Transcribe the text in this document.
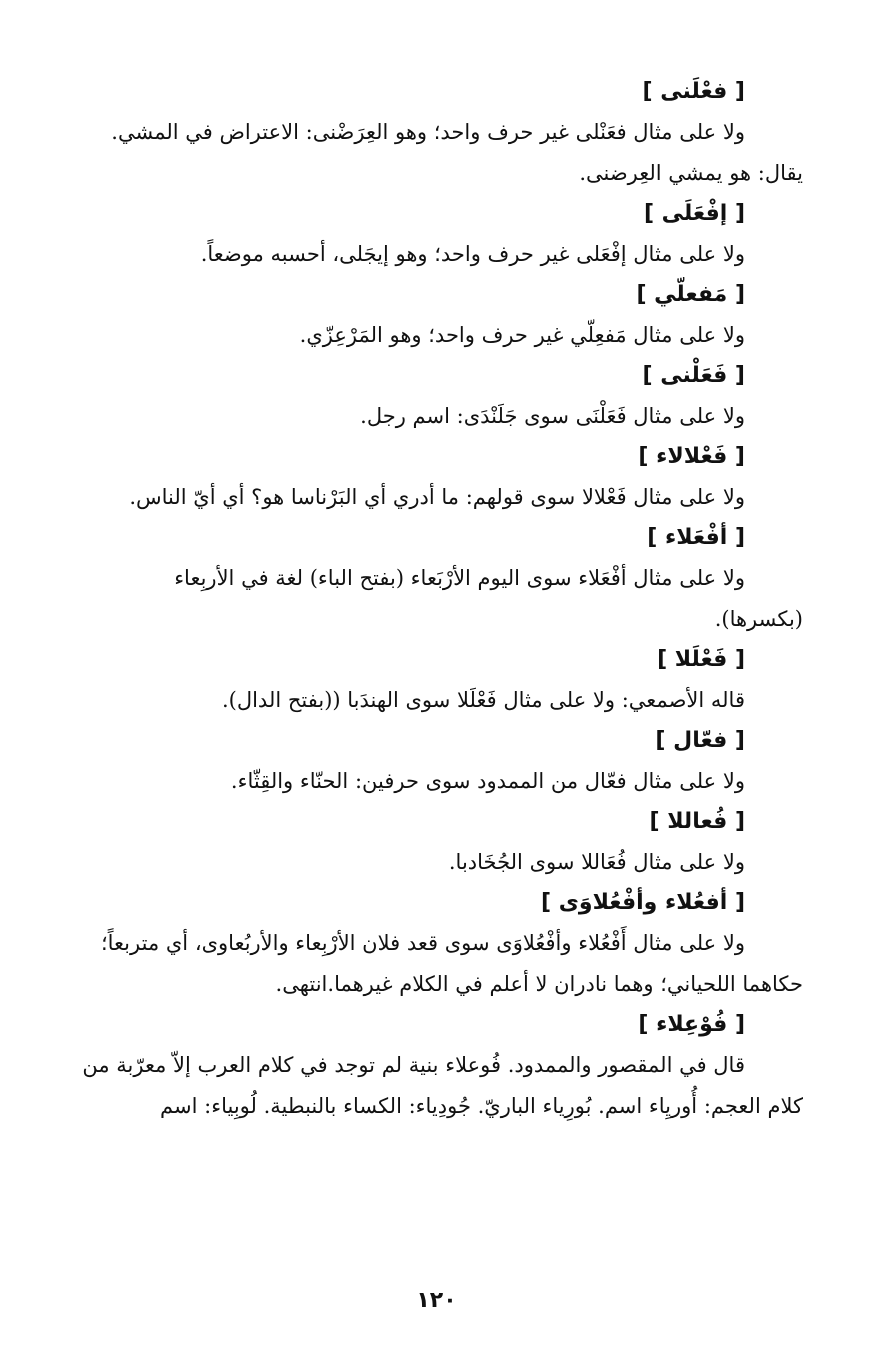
[ فعْلَنى ]

ولا على مثال فعَنْلى غير حرف واحد؛ وهو العِرَضْنى: الاعتراض في المشي.
يقال: هو يمشي العِرضنى.

[ إفْعَلَى ]

ولا على مثال إفْعَلى غير حرف واحد؛ وهو إيجَلى، أحسبه موضعاً.

[ مَفعلّي ]

ولا على مثال مَفعِلّي غير حرف واحد؛ وهو المَرْعِزّي.

[ فَعَلْنى ]

ولا على مثال فَعَلْنَى سوى جَلَنْدَى: اسم رجل.

[ فَعْلالاء ]

ولا على مثال فَعْلالا سوى قولهم: ما أدري أي البَرْناسا هو؟ أي أيّ الناس.

[ أفْعَلاء ]

ولا على مثال أفْعَلاء سوى اليوم الأرْبَعاء (بفتح الباء) لغة في الأربِعاء
(بكسرها).

[ فَعْلَلا ]

قاله الأصمعي: ولا على مثال فَعْلَلا سوى الهندَبا ((بفتح الدال).

[ فعّال ]

ولا على مثال فعّال من الممدود سوى حرفين: الحنّاء والقِثّاء.

[ فُعاللا ]

ولا على مثال فُعَاللا سوى الجُخَادبا.

[ أفعُلاء وأفْعُلاوَى ]

ولا على مثال أَفْعُلاء وأفْعُلاوَى سوى قعد فلان الأرْبِعاء والأربُعاوى، أي متربعاً؛
حكاهما اللحياني؛ وهما نادران لا أعلم في الكلام غيرهما.انتهى.

[ فُوْعِلاء ]

قال في المقصور والممدود. فُوعلاء بنية لم توجد في كلام العرب إلاّ معرّبة من
كلام العجم: أُوريِاء اسم. بُورِياء الباريّ. جُودِياء: الكساء بالنبطية. لُوبِياء: اسم

١٢٠
